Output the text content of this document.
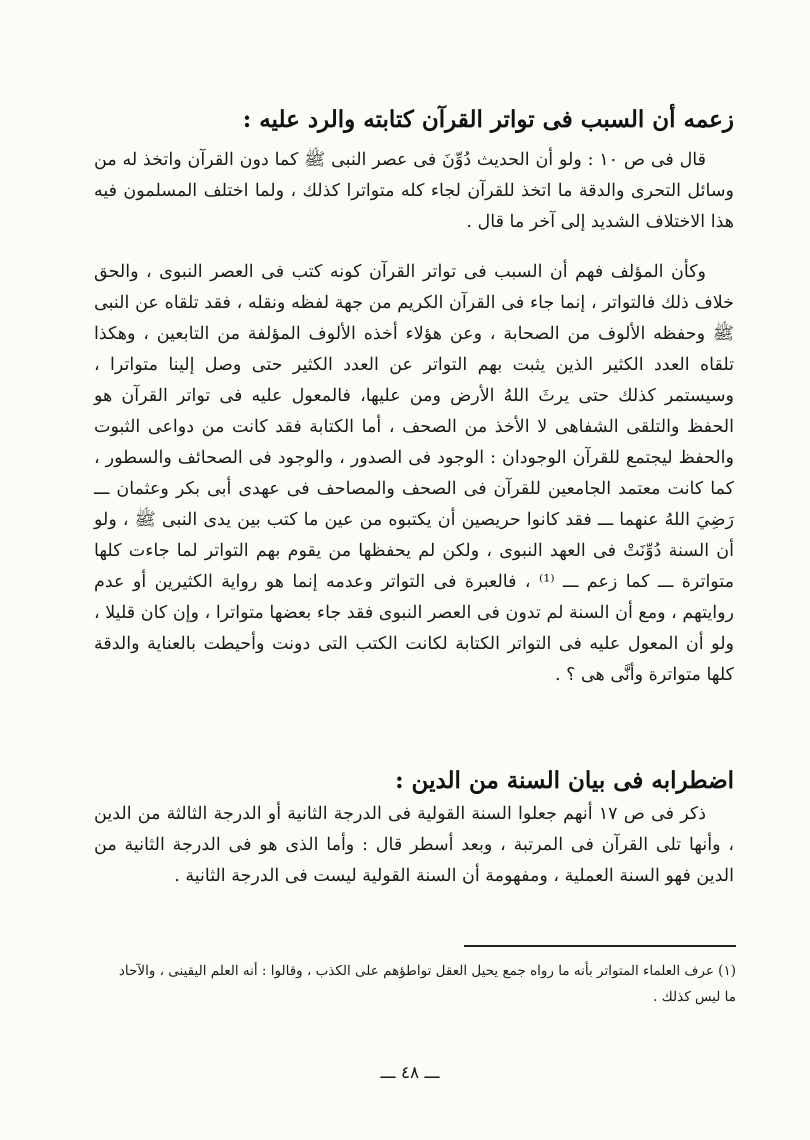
زعمه أن السبب فى تواتر القرآن كتابته والرد عليه :

قال فى ص ١٠ : ولو أن الحديث دُوِّنَ فى عصر النبى ﷺ كما دون القرآن واتخذ له من وسائل التحرى والدقة ما اتخذ للقرآن لجاء كله متواترا كذلك ، ولما اختلف المسلمون فيه هذا الاختلاف الشديد إلى آخر ما قال .

وكأن المؤلف فهم أن السبب فى تواتر القرآن كونه كتب فى العصر النبوى ، والحق خلاف ذلك فالتواتر ، إنما جاء فى القرآن الكريم من جهة لفظه ونقله ، فقد تلقاه عن النبى ﷺ وحفظه الألوف من الصحابة ، وعن هؤلاء أخذه الألوف المؤلفة من التابعين ، وهكذا تلقاه العدد الكثير الذين يثبت بهم التواتر عن العدد الكثير حتى وصل إلينا متواترا ، وسيستمر كذلك حتى يرثَ اللهُ الأرض ومن عليها، فالمعول عليه فى تواتر القرآن هو الحفظ والتلقى الشفاهى لا الأخذ من الصحف ، أما الكتابة فقد كانت من دواعى الثبوت والحفظ ليجتمع للقرآن الوجودان : الوجود فى الصدور ، والوجود فى الصحائف والسطور ، كما كانت معتمد الجامعين للقرآن فى الصحف والمصاحف فى عهدى أبى بكر وعثمان ـــ رَضِيَ اللهُ عنهما ـــ فقد كانوا حريصين أن يكتبوه من عين ما كتب بين يدى النبى ﷺ ، ولو أن السنة دُوِّنَتْ فى العهد النبوى ، ولكن لم يحفظها من يقوم بهم التواتر لما جاءت كلها متواترة ـــ كما زعم ـــ ⁽¹⁾ ، فالعبرة فى التواتر وعدمه إنما هو رواية الكثيرين أو عدم روايتهم ، ومع أن السنة لم تدون فى العصر النبوى فقد جاء بعضها متواترا ، وإن كان قليلا ، ولو أن المعول عليه فى التواتر الكتابة لكانت الكتب التى دونت وأحيطت بالعناية والدقة كلها متواترة وأنَّى هى ؟ .

اضطرابه فى بيان السنة من الدين :

ذكر فى ص ١٧ أنهم جعلوا السنة القولية فى الدرجة الثانية أو الدرجة الثالثة من الدين ، وأنها تلى القرآن فى المرتبة ، وبعد أسطر قال : وأما الذى هو فى الدرجة الثانية من الدين فهو السنة العملية ، ومفهومة أن السنة القولية ليست فى الدرجة الثانية .

(١) عرف العلماء المتواتر بأنه ما رواه جمع يحيل العقل تواطؤهم على الكذب ، وقالوا : أنه العلم اليقينى ، والآحاد ما ليس كذلك .

ـــ ٤٨ ـــ
